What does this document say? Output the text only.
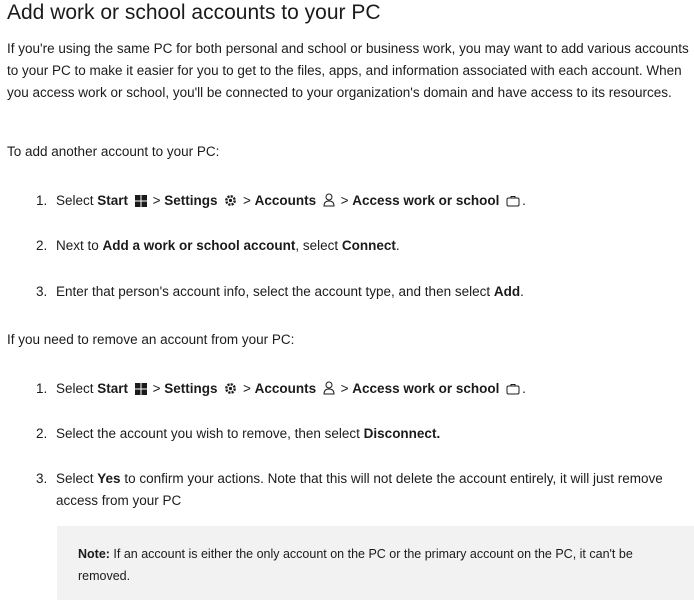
Add work or school accounts to your PC

If you're using the same PC for both personal and school or business work, you may want to add various accounts to your PC to make it easier for you to get to the files, apps, and information associated with each account. When you access work or school, you'll be connected to your organization's domain and have access to its resources.

To add another account to your PC:

1. Select Start  > Settings  > Accounts  > Access work or school .
2. Next to Add a work or school account, select Connect.
3. Enter that person's account info, select the account type, and then select Add.

If you need to remove an account from your PC:

1. Select Start  > Settings  > Accounts  > Access work or school .
2. Select the account you wish to remove, then select Disconnect.
3. Select Yes to confirm your actions. Note that this will not delete the account entirely, it will just remove access from your PC

Note: If an account is either the only account on the PC or the primary account on the PC, it can't be removed.
